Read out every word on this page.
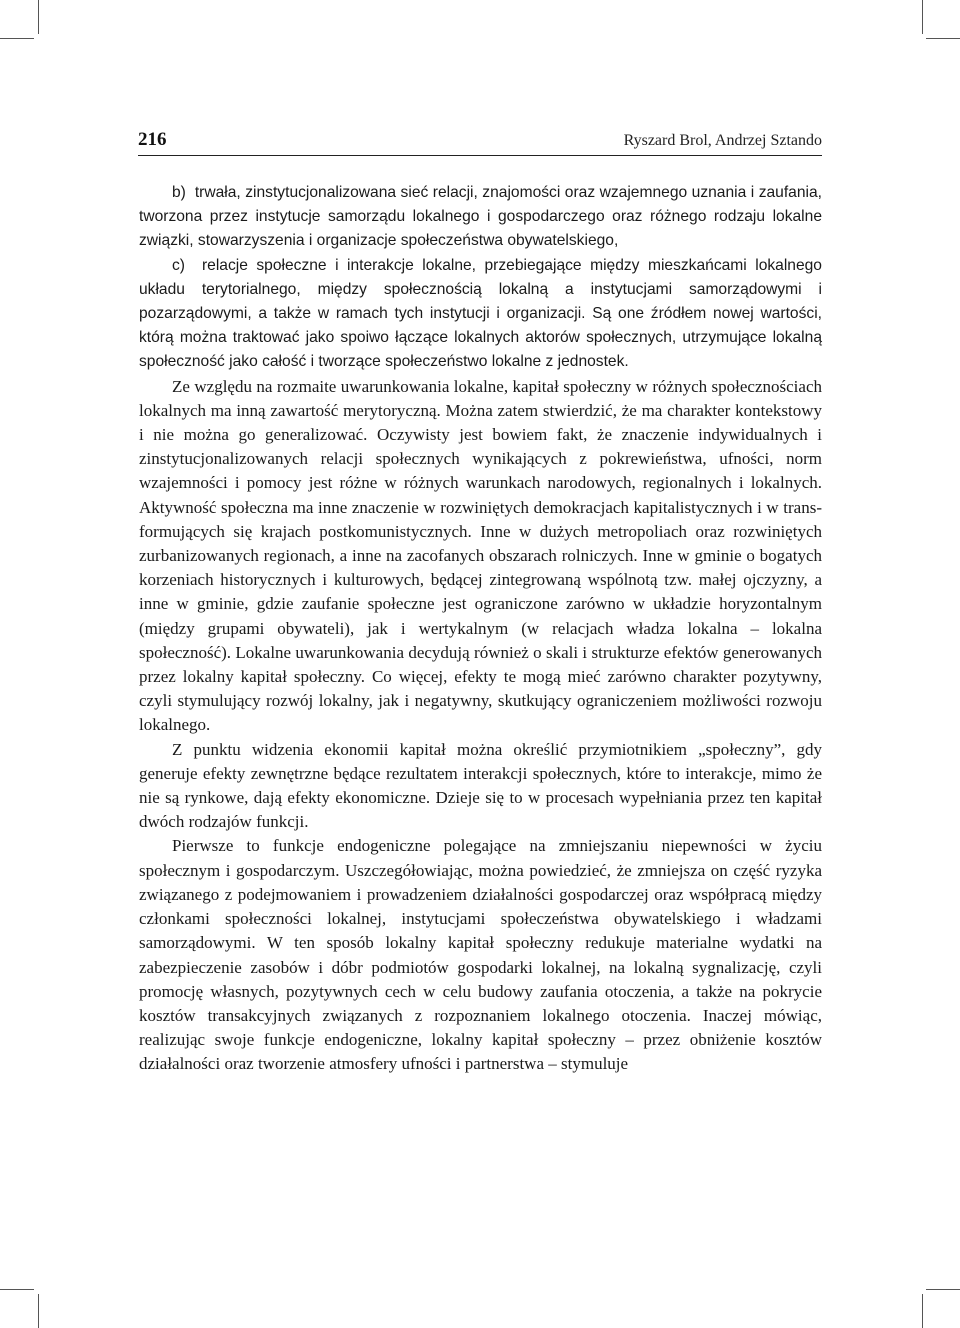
216	Ryszard Brol, Andrzej Sztando

b)  trwała, zinstytucjonalizowana sieć relacji, znajomości oraz wzajemnego uznania i zaufania, tworzona przez instytucje samorządu lokalnego i gospodarczego oraz różnego rodzaju lokalne związki, stowarzyszenia i organizacje społeczeństwa obywatelskiego,

c)  relacje społeczne i interakcje lokalne, przebiegające między mieszkańcami lokalnego układu terytorialnego, między społecznością lokalną a instytucjami samorządowymi i pozarządowymi, a także w ramach tych instytucji i organizacji. Są one źródłem nowej wartości, którą można traktować jako spoiwo łączące lokalnych aktorów społecznych, utrzymujące lokalną społeczność jako całość i tworzące społeczeństwo lokalne z jednostek.

Ze względu na rozmaite uwarunkowania lokalne, kapitał społeczny w różnych społecznościach lokalnych ma inną zawartość merytoryczną. Można zatem stwierdzić, że ma charakter kontekstowy i nie można go generalizować. Oczywisty jest bowiem fakt, że znaczenie indywidualnych i zinstytucjonalizowanych relacji społecznych wynikających z pokrewieństwa, ufności, norm wzajemności i pomocy jest różne w różnych warunkach narodowych, regionalnych i lokalnych. Aktywność społeczna ma inne znaczenie w rozwiniętych demokracjach kapitalistycznych i w transformujących się krajach postkomunistycznych. Inne w dużych metropoliach oraz rozwiniętych zurbanizowanych regionach, a inne na zacofanych obszarach rolniczych. Inne w gminie o bogatych korzeniach historycznych i kulturowych, będącej zintegrowaną wspólnotą tzw. małej ojczyzny, a inne w gminie, gdzie zaufanie społeczne jest ograniczone zarówno w układzie horyzontalnym (między grupami obywateli), jak i wertykalnym (w relacjach władza lokalna – lokalna społeczność). Lokalne uwarunkowania decydują również o skali i strukturze efektów generowanych przez lokalny kapitał społeczny. Co więcej, efekty te mogą mieć zarówno charakter pozytywny, czyli stymulujący rozwój lokalny, jak i negatywny, skutkujący ograniczeniem możliwości rozwoju lokalnego.

Z punktu widzenia ekonomii kapitał można określić przymiotnikiem „społeczny”, gdy generuje efekty zewnętrzne będące rezultatem interakcji społecznych, które to interakcje, mimo że nie są rynkowe, dają efekty ekonomiczne. Dzieje się to w procesach wypełniania przez ten kapitał dwóch rodzajów funkcji.

Pierwsze to funkcje endogeniczne polegające na zmniejszaniu niepewności w życiu społecznym i gospodarczym. Uszczegółowiając, można powiedzieć, że zmniejsza on część ryzyka związanego z podejmowaniem i prowadzeniem działalności gospodarczej oraz współpracą między członkami społeczności lokalnej, instytucjami społeczeństwa obywatelskiego i władzami samorządowymi. W ten sposób lokalny kapitał społeczny redukuje materialne wydatki na zabezpieczenie zasobów i dóbr podmiotów gospodarki lokalnej, na lokalną sygnalizację, czyli promocję własnych, pozytywnych cech w celu budowy zaufania otoczenia, a także na pokrycie kosztów transakcyjnych związanych z rozpoznaniem lokalnego otoczenia. Inaczej mówiąc, realizując swoje funkcje endogeniczne, lokalny kapitał społeczny – przez obniżenie kosztów działalności oraz tworzenie atmosfery ufności i partnerstwa – stymuluje
